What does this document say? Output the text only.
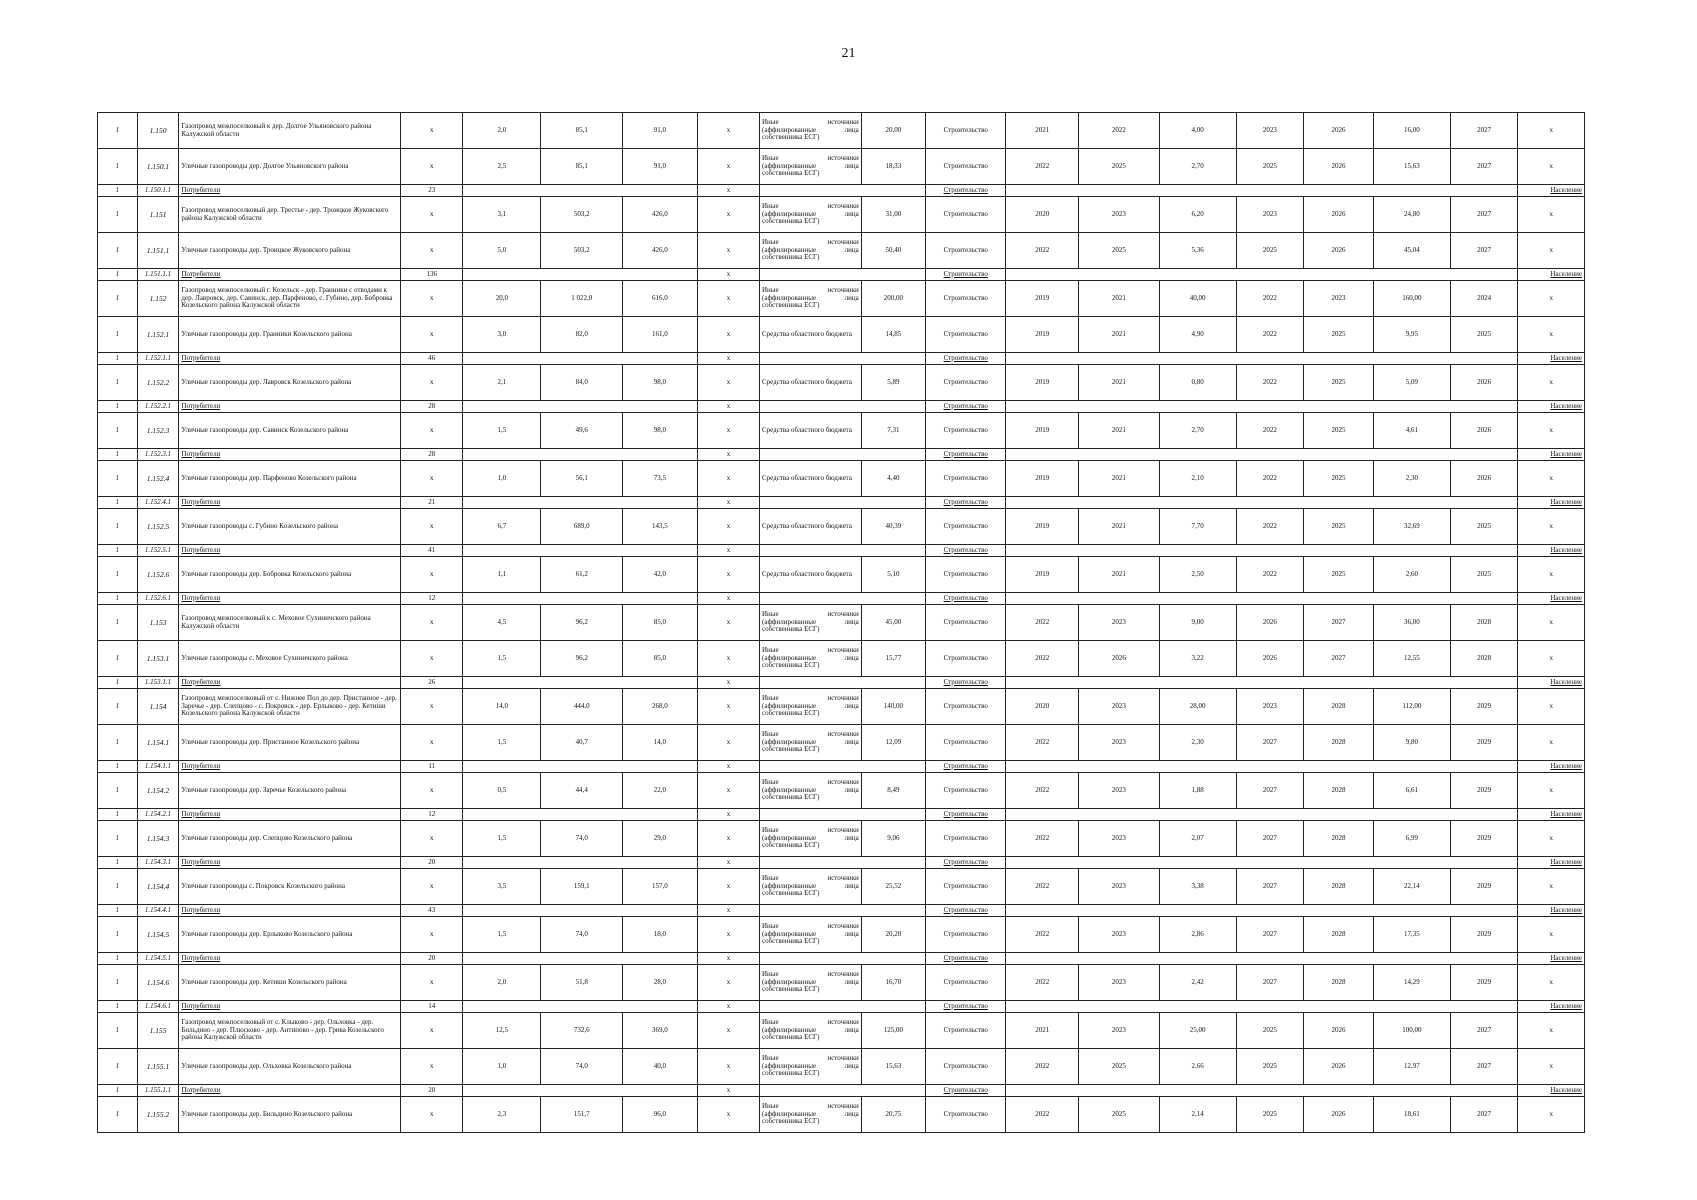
21
1	1.150	Газопровод межпоселковый к дер. Долгое Ульяновского района Калужской области	x	2,0	85,1	91,0	x	Иные источники (аффилированные лица собственника ЕСГ)	20,00	Строительство	2021	2022	4,00	2023	2026	16,00	2027	x
1	1.150.1	Уличные газопроводы дер. Долгое Ульяновского района	x	2,5	85,1	91,0	x	Иные источники (аффилированные лица собственника ЕСГ)	18,33	Строительство	2022	2025	2,70	2025	2026	15,63	2027	x
1	1.150.1.1	Потребители	23				x			Строительство								Население
1	1.151	Газопровод межпоселковый дер. Трестье - дер. Троицкое Жуковского района Калужской области	x	3,1	503,2	426,0	x	Иные источники (аффилированные лица собственника ЕСГ)	31,00	Строительство	2020	2023	6,20	2023	2026	24,80	2027	x
1	1.151.1	Уличные газопроводы дер. Троицкое Жуковского района	x	5,0	503,2	426,0	x	Иные источники (аффилированные лица собственника ЕСГ)	50,40	Строительство	2022	2025	5,36	2025	2026	45,04	2027	x
1	1.151.1.1	Потребители	136				x			Строительство								Население
1	1.152	Газопровод межпоселковый г. Козельск - дер. Гранники с отводами к дер. Лавровск, дер. Савинск, дер. Парфеново, с. Губино, дер. Бобровка Козельского района Калужской области	x	20,0	1 022,0	616,0	x	Иные источники (аффилированные лица собственника ЕСГ)	200,00	Строительство	2019	2021	40,00	2022	2023	160,00	2024	x
1	1.152.1	Уличные газопроводы дер. Гранники Козельского района	x	3,0	82,0	161,0	x	Средства областного бюджета	14,85	Строительство	2019	2021	4,90	2022	2025	9,95	2025	x
1	1.152.1.1	Потребители	46				x			Строительство								Население
1	1.152.2	Уличные газопроводы дер. Лавровск Козельского района	x	2,1	84,0	98,0	x	Средства областного бюджета	5,89	Строительство	2019	2021	0,80	2022	2025	5,09	2026	x
1	1.152.2.1	Потребители	28				x			Строительство								Население
1	1.152.3	Уличные газопроводы дер. Савинск Козельского района	x	1,5	49,6	98,0	x	Средства областного бюджета	7,31	Строительство	2019	2021	2,70	2022	2025	4,61	2026	x
1	1.152.3.1	Потребители	28				x			Строительство								Население
1	1.152.4	Уличные газопроводы дер. Парфеново Козельского района	x	1,0	56,1	73,5	x	Средства областного бюджета	4,40	Строительство	2019	2021	2,10	2022	2025	2,30	2026	x
1	1.152.4.1	Потребители	21				x			Строительство								Население
1	1.152.5	Уличные газопроводы с. Губино Козельского района	x	6,7	689,0	143,5	x	Средства областного бюджета	40,39	Строительство	2019	2021	7,70	2022	2025	32,69	2025	x
1	1.152.5.1	Потребители	41				x			Строительство								Население
1	1.152.6	Уличные газопроводы дер. Бобровка Козельского района	x	1,1	61,2	42,0	x	Средства областного бюджета	5,10	Строительство	2019	2021	2,50	2022	2025	2,60	2025	x
1	1.152.6.1	Потребители	12				x			Строительство								Население
1	1.153	Газопровод межпоселковый к с. Меховое Сухиничского района Калужской области	x	4,5	96,2	85,0	x	Иные источники (аффилированные лица собственника ЕСГ)	45,00	Строительство	2022	2023	9,00	2026	2027	36,00	2028	x
1	1.153.1	Уличные газопроводы с. Меховое Сухиничского района	x	1,5	96,2	85,0	x	Иные источники (аффилированные лица собственника ЕСГ)	15,77	Строительство	2022	2026	3,22	2026	2027	12,55	2028	x
1	1.153.1.1	Потребители	26				x			Строительство								Население
1	1.154	Газопровод межпоселковый от с. Нижнее Пол до дер. Пристанное - дер. Заречье - дер. Слепцово - с. Покровск - дер. Ерлыково - дер. Кетиши Козельского района Калужской области	x	14,0	444,0	268,0	x	Иные источники (аффилированные лица собственника ЕСГ)	140,00	Строительство	2020	2023	28,00	2023	2028	112,00	2029	x
1	1.154.1	Уличные газопроводы дер. Пристанное Козельского района	x	1,5	40,7	14,0	x	Иные источники (аффилированные лица собственника ЕСГ)	12,09	Строительство	2022	2023	2,30	2027	2028	9,80	2029	x
1	1.154.1.1	Потребители	11				x			Строительство								Население
1	1.154.2	Уличные газопроводы дер. Заречье Козельского района	x	0,5	44,4	22,0	x	Иные источники (аффилированные лица собственника ЕСГ)	8,49	Строительство	2022	2023	1,88	2027	2028	6,61	2029	x
1	1.154.2.1	Потребители	12				x			Строительство								Население
1	1.154.3	Уличные газопроводы дер. Слепцово Козельского района	x	1,5	74,0	29,0	x	Иные источники (аффилированные лица собственника ЕСГ)	9,06	Строительство	2022	2023	2,07	2027	2028	6,99	2029	x
1	1.154.3.1	Потребители	20				x			Строительство								Население
1	1.154.4	Уличные газопроводы с. Покровск Козельского района	x	3,5	159,1	157,0	x	Иные источники (аффилированные лица собственника ЕСГ)	25,52	Строительство	2022	2023	3,38	2027	2028	22,14	2029	x
1	1.154.4.1	Потребители	43				x			Строительство								Население
1	1.154.5	Уличные газопроводы дер. Ерлыково Козельского района	x	1,5	74,0	18,0	x	Иные источники (аффилированные лица собственника ЕСГ)	20,20	Строительство	2022	2023	2,86	2027	2028	17,35	2029	x
1	1.154.5.1	Потребители	20				x			Строительство								Население
1	1.154.6	Уличные газопроводы дер. Кетиши Козельского района	x	2,0	51,8	28,0	x	Иные источники (аффилированные лица собственника ЕСГ)	16,70	Строительство	2022	2023	2,42	2027	2028	14,29	2029	x
1	1.154.6.1	Потребители	14				x			Строительство								Население
1	1.155	Газопровод межпоселковый от с. Клыково - дер. Ольховка - дер. Бильдино - дер. Плюсково - дер. Антипово - дер. Грива Козельского района Калужской области	x	12,5	732,6	369,0	x	Иные источники (аффилированные лица собственника ЕСГ)	125,00	Строительство	2021	2023	25,00	2025	2026	100,00	2027	x
1	1.155.1	Уличные газопроводы дер. Ольховка Козельского района	x	1,0	74,0	40,0	x	Иные источники (аффилированные лица собственника ЕСГ)	15,63	Строительство	2022	2025	2,66	2025	2026	12,97	2027	x
1	1.155.1.1	Потребители	20				x			Строительство								Население
1	1.155.2	Уличные газопроводы дер. Бильдино Козельского района	x	2,3	151,7	96,0	x	Иные источники (аффилированные лица собственника ЕСГ)	20,75	Строительство	2022	2025	2,14	2025	2026	18,61	2027	x
